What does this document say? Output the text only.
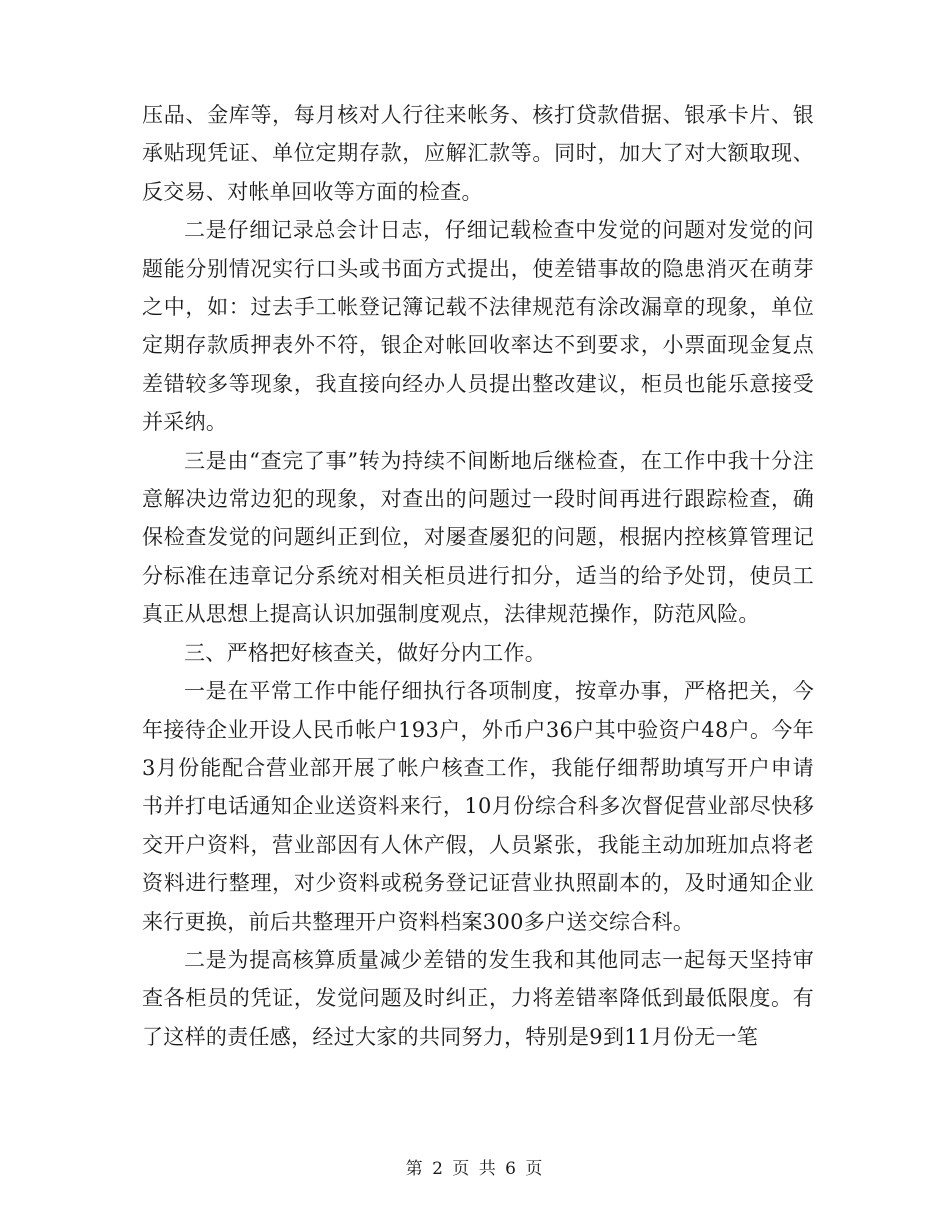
压品、金库等，每月核对人行往来帐务、核打贷款借据、银承卡片、银承贴现凭证、单位定期存款，应解汇款等。同时，加大了对大额取现、反交易、对帐单回收等方面的检查。

二是仔细记录总会计日志，仔细记载检查中发觉的问题对发觉的问题能分别情况实行口头或书面方式提出，使差错事故的隐患消灭在萌芽之中，如：过去手工帐登记簿记载不法律规范有涂改漏章的现象，单位定期存款质押表外不符，银企对帐回收率达不到要求，小票面现金复点差错较多等现象，我直接向经办人员提出整改建议，柜员也能乐意接受并采纳。

三是由“查完了事”转为持续不间断地后继检查，在工作中我十分注意解决边常边犯的现象，对查出的问题过一段时间再进行跟踪检查，确保检查发觉的问题纠正到位，对屡查屡犯的问题，根据内控核算管理记分标准在违章记分系统对相关柜员进行扣分，适当的给予处罚，使员工真正从思想上提高认识加强制度观点，法律规范操作，防范风险。

三、严格把好核查关，做好分内工作。

一是在平常工作中能仔细执行各项制度，按章办事，严格把关，今年接待企业开设人民币帐户193户，外币户36户其中验资户48户。今年3月份能配合营业部开展了帐户核查工作，我能仔细帮助填写开户申请书并打电话通知企业送资料来行，10月份综合科多次督促营业部尽快移交开户资料，营业部因有人休产假，人员紧张，我能主动加班加点将老资料进行整理，对少资料或税务登记证营业执照副本的，及时通知企业来行更换，前后共整理开户资料档案300多户送交综合科。

二是为提高核算质量减少差错的发生我和其他同志一起每天坚持审查各柜员的凭证，发觉问题及时纠正，力将差错率降低到最低限度。有了这样的责任感，经过大家的共同努力，特别是9到11月份无一笔

第 2 页 共 6 页
